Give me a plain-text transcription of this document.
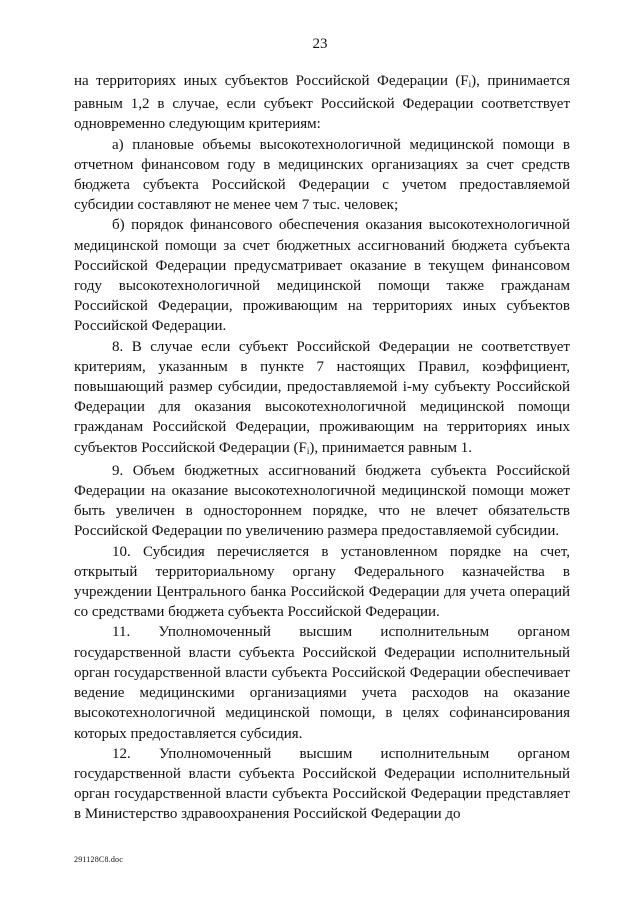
23

на территориях иных субъектов Российской Федерации $(F_i)$, принимается равным 1,2 в случае, если субъект Российской Федерации соответствует одновременно следующим критериям:

а) плановые объемы высокотехнологичной медицинской помощи в отчетном финансовом году в медицинских организациях за счет средств бюджета субъекта Российской Федерации с учетом предоставляемой субсидии составляют не менее чем 7 тыс. человек;

б) порядок финансового обеспечения оказания высокотехнологичной медицинской помощи за счет бюджетных ассигнований бюджета субъекта Российской Федерации предусматривает оказание в текущем финансовом году высокотехнологичной медицинской помощи также гражданам Российской Федерации, проживающим на территориях иных субъектов Российской Федерации.

8. В случае если субъект Российской Федерации не соответствует критериям, указанным в пункте 7 настоящих Правил, коэффициент, повышающий размер субсидии, предоставляемой i-му субъекту Российской Федерации для оказания высокотехнологичной медицинской помощи гражданам Российской Федерации, проживающим на территориях иных субъектов Российской Федерации $(F_i)$, принимается равным 1.

9. Объем бюджетных ассигнований бюджета субъекта Российской Федерации на оказание высокотехнологичной медицинской помощи может быть увеличен в одностороннем порядке, что не влечет обязательств Российской Федерации по увеличению размера предоставляемой субсидии.

10. Субсидия перечисляется в установленном порядке на счет, открытый территориальному органу Федерального казначейства в учреждении Центрального банка Российской Федерации для учета операций со средствами бюджета субъекта Российской Федерации.

11. Уполномоченный высшим исполнительным органом государственной власти субъекта Российской Федерации исполнительный орган государственной власти субъекта Российской Федерации обеспечивает ведение медицинскими организациями учета расходов на оказание высокотехнологичной медицинской помощи, в целях софинансирования которых предоставляется субсидия.

12. Уполномоченный высшим исполнительным органом государственной власти субъекта Российской Федерации исполнительный орган государственной власти субъекта Российской Федерации представляет в Министерство здравоохранения Российской Федерации до

291128C8.doc
